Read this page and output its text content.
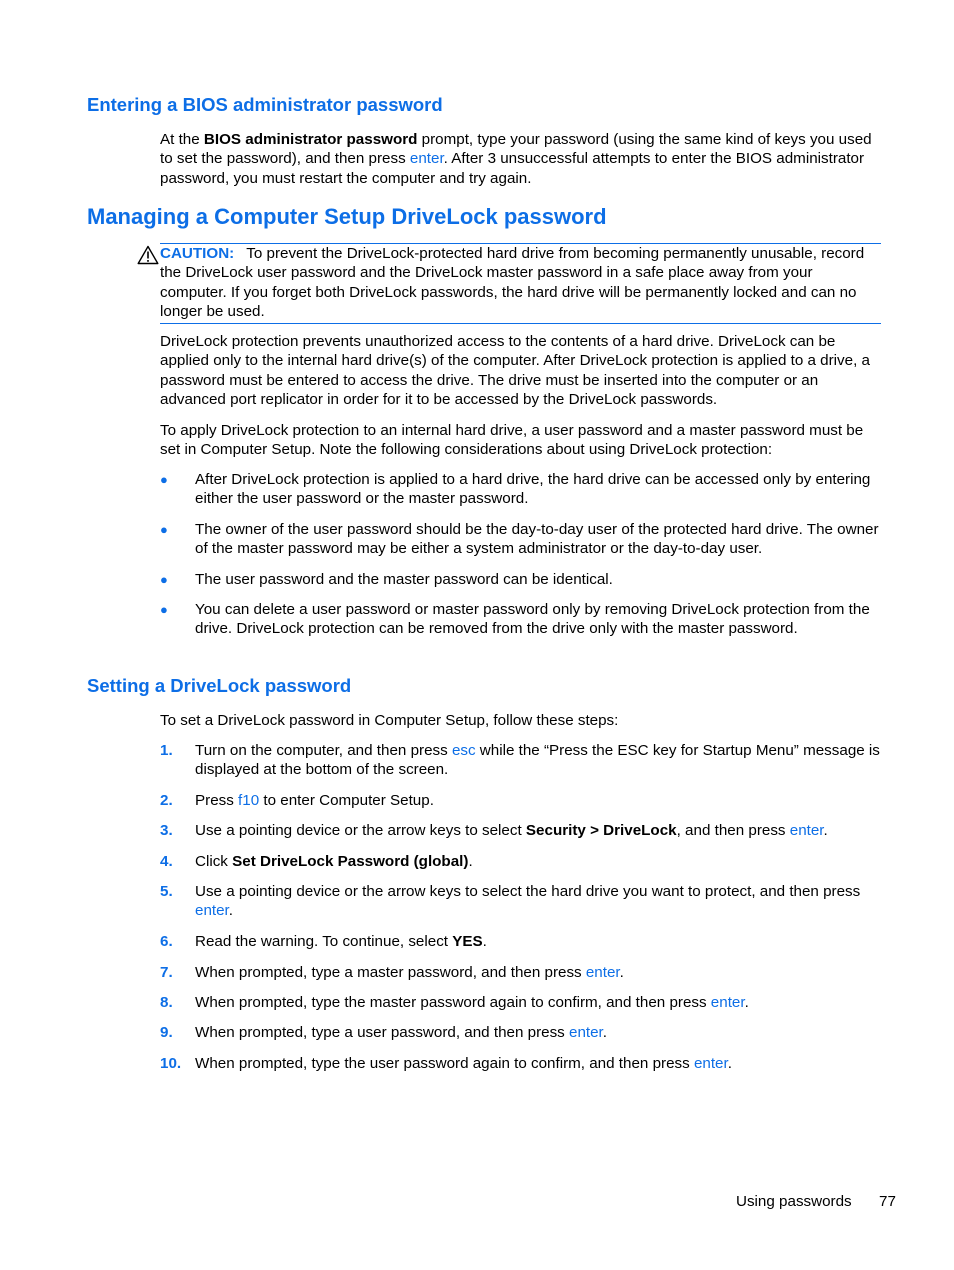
Entering a BIOS administrator password

At the BIOS administrator password prompt, type your password (using the same kind of keys you used to set the password), and then press enter. After 3 unsuccessful attempts to enter the BIOS administrator password, you must restart the computer and try again.

Managing a Computer Setup DriveLock password
CAUTION: To prevent the DriveLock-protected hard drive from becoming permanently unusable, record the DriveLock user password and the DriveLock master password in a safe place away from your computer. If you forget both DriveLock passwords, the hard drive will be permanently locked and can no longer be used.

DriveLock protection prevents unauthorized access to the contents of a hard drive. DriveLock can be applied only to the internal hard drive(s) of the computer. After DriveLock protection is applied to a drive, a password must be entered to access the drive. The drive must be inserted into the computer or an advanced port replicator in order for it to be accessed by the DriveLock passwords.

To apply DriveLock protection to an internal hard drive, a user password and a master password must be set in Computer Setup. Note the following considerations about using DriveLock protection:

● After DriveLock protection is applied to a hard drive, the hard drive can be accessed only by entering either the user password or the master password.
● The owner of the user password should be the day-to-day user of the protected hard drive. The owner of the master password may be either a system administrator or the day-to-day user.
● The user password and the master password can be identical.
● You can delete a user password or master password only by removing DriveLock protection from the drive. DriveLock protection can be removed from the drive only with the master password.
Setting a DriveLock password

To set a DriveLock password in Computer Setup, follow these steps:

1. Turn on the computer, and then press esc while the “Press the ESC key for Startup Menu” message is displayed at the bottom of the screen.
2. Press f10 to enter Computer Setup.
3. Use a pointing device or the arrow keys to select Security > DriveLock, and then press enter.
4. Click Set DriveLock Password (global).
5. Use a pointing device or the arrow keys to select the hard drive you want to protect, and then press enter.
6. Read the warning. To continue, select YES.
7. When prompted, type a master password, and then press enter.
8. When prompted, type the master password again to confirm, and then press enter.
9. When prompted, type a user password, and then press enter.
10. When prompted, type the user password again to confirm, and then press enter.
Using passwords 77
